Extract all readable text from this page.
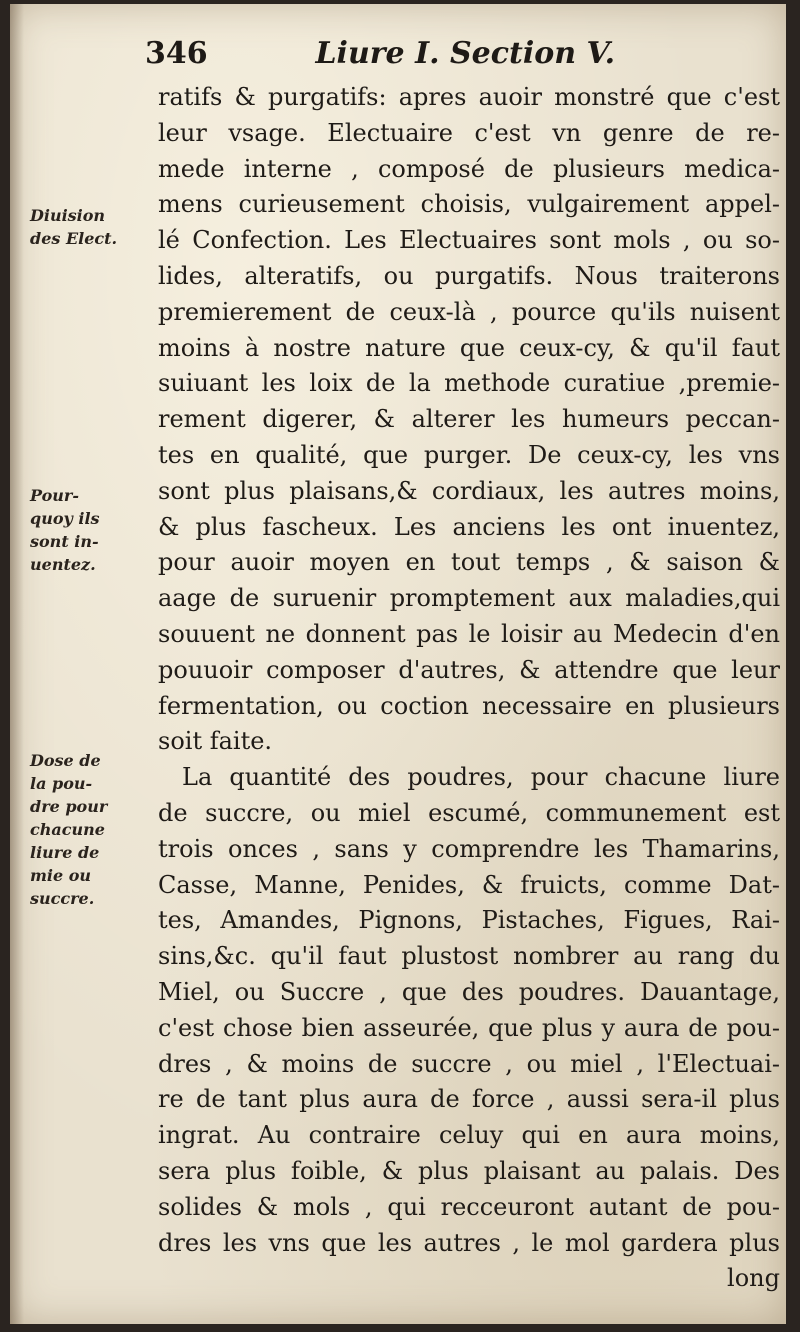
346	Liure I. Section V.
Diuision
des Elect.
Pour-
quoy ils
sont in-
uentez.
Dose de
la pou-
dre pour
chacune
liure de
mie ou
succre.
ratifs & purgatifs: apres auoir monstré que c'est
leur vsage. Electuaire c'est vn genre de re-
mede interne , composé de plusieurs medica-
mens curieusement choisis, vulgairement appel-
lé Confection. Les Electuaires sont mols , ou so-
lides, alteratifs, ou purgatifs. Nous traiterons
premierement de ceux-là , pource qu'ils nuisent
moins à nostre nature que ceux-cy, & qu'il faut
suiuant les loix de la methode curatiue ,premie-
rement digerer, & alterer les humeurs peccan-
tes en qualité, que purger. De ceux-cy, les vns
sont plus plaisans,& cordiaux, les autres moins,
& plus fascheux. Les anciens les ont inuentez,
pour auoir moyen en tout temps , & saison &
aage de suruenir promptement aux maladies,qui
souuent ne donnent pas le loisir au Medecin d'en
pouuoir composer d'autres, & attendre que leur
fermentation, ou coction necessaire en plusieurs
soit faite.
La quantité des poudres, pour chacune liure
de succre, ou miel escumé, communement est
trois onces , sans y comprendre les Thamarins,
Casse, Manne, Penides, & fruicts, comme Dat-
tes, Amandes, Pignons, Pistaches, Figues, Rai-
sins,&c. qu'il faut plustost nombrer au rang du
Miel, ou Succre , que des poudres. Dauantage,
c'est chose bien asseurée, que plus y aura de pou-
dres , & moins de succre , ou miel , l'Electuai-
re de tant plus aura de force , aussi sera-il plus
ingrat. Au contraire celuy qui en aura moins,
sera plus foible, & plus plaisant au palais. Des
solides & mols , qui recceuront autant de pou-
dres les vns que les autres , le mol gardera plus
long
